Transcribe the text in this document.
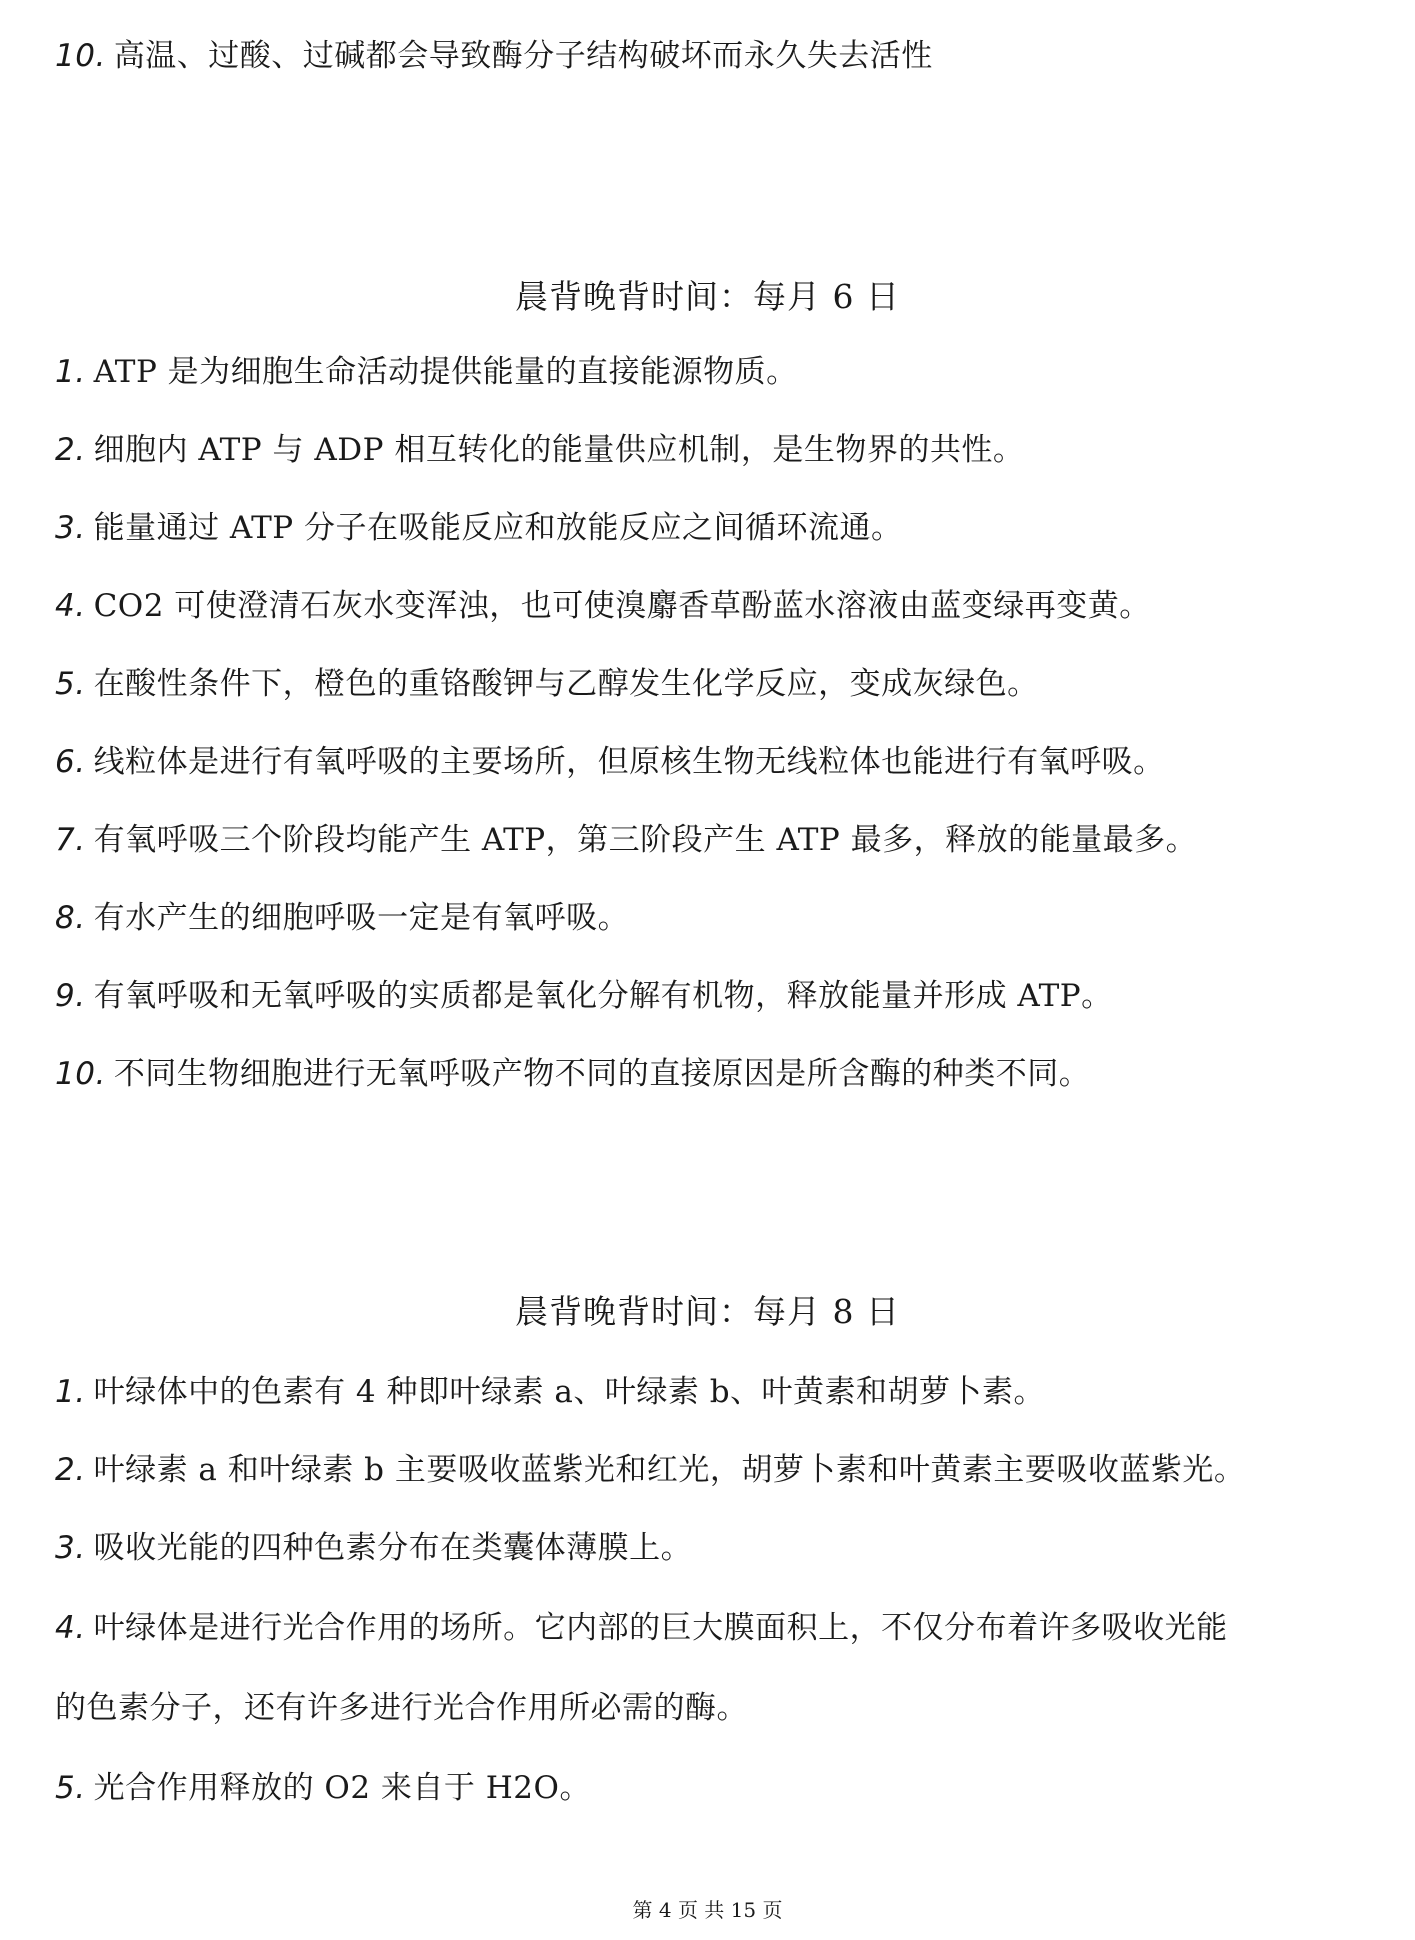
10. 高温、过酸、过碱都会导致酶分子结构破坏而永久失去活性
晨背晚背时间：每月 6 日
1. ATP 是为细胞生命活动提供能量的直接能源物质。
2. 细胞内 ATP 与 ADP 相互转化的能量供应机制，是生物界的共性。
3. 能量通过 ATP 分子在吸能反应和放能反应之间循环流通。
4. CO2 可使澄清石灰水变浑浊，也可使溴麝香草酚蓝水溶液由蓝变绿再变黄。
5. 在酸性条件下，橙色的重铬酸钾与乙醇发生化学反应，变成灰绿色。
6. 线粒体是进行有氧呼吸的主要场所，但原核生物无线粒体也能进行有氧呼吸。
7. 有氧呼吸三个阶段均能产生 ATP，第三阶段产生 ATP 最多，释放的能量最多。
8. 有水产生的细胞呼吸一定是有氧呼吸。
9. 有氧呼吸和无氧呼吸的实质都是氧化分解有机物，释放能量并形成 ATP。
10. 不同生物细胞进行无氧呼吸产物不同的直接原因是所含酶的种类不同。
晨背晚背时间：每月 8 日
1. 叶绿体中的色素有 4 种即叶绿素 a、叶绿素 b、叶黄素和胡萝卜素。
2. 叶绿素 a 和叶绿素 b 主要吸收蓝紫光和红光，胡萝卜素和叶黄素主要吸收蓝紫光。
3. 吸收光能的四种色素分布在类囊体薄膜上。
4. 叶绿体是进行光合作用的场所。它内部的巨大膜面积上，不仅分布着许多吸收光能
的色素分子，还有许多进行光合作用所必需的酶。
5. 光合作用释放的 O2 来自于 H2O。
第 4 页 共 15 页
